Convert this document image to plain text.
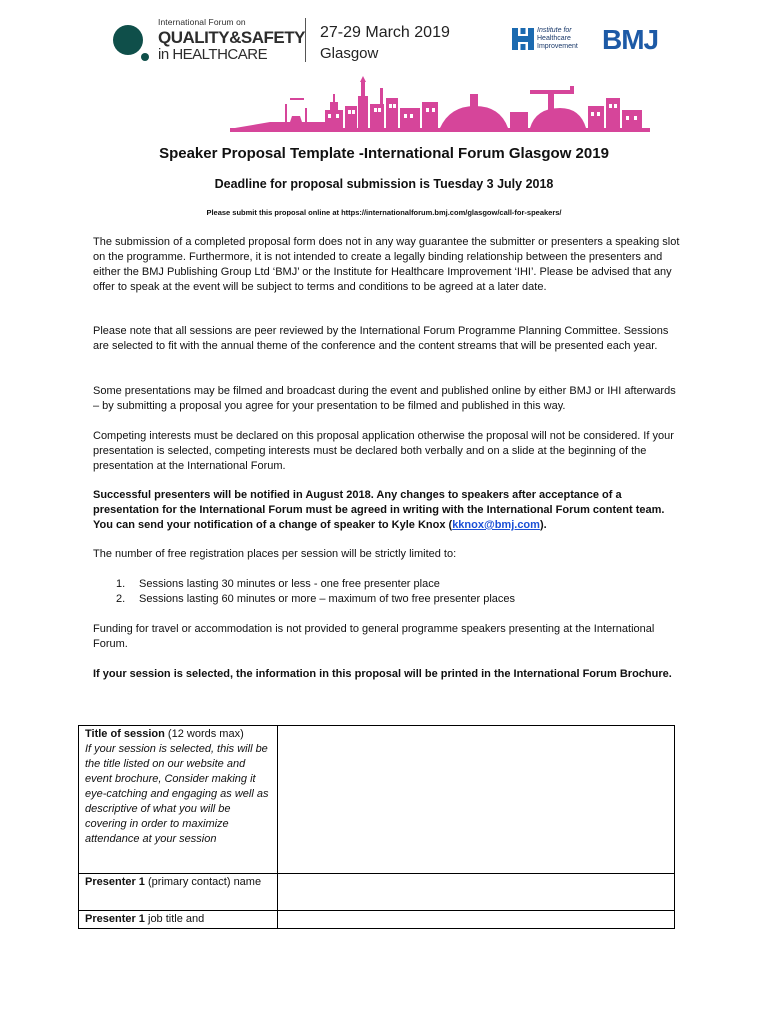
International Forum on
QUALITY&SAFETY
in HEALTHCARE
27-29 March 2019
Glasgow
Institute for
Healthcare
Improvement BMJ
Speaker Proposal Template -International Forum Glasgow 2019
Deadline for proposal submission is Tuesday 3 July 2018
Please submit this proposal online at https://internationalforum.bmj.com/glasgow/call-for-speakers/

The submission of a completed proposal form does not in any way guarantee the submitter or presenters a speaking slot on the programme. Furthermore, it is not intended to create a legally binding relationship between the presenters and either the BMJ Publishing Group Ltd ‘BMJ’ or the Institute for Healthcare Improvement ‘IHI’. Please be advised that any offer to speak at the event will be subject to terms and conditions to be agreed at a later date.

Please note that all sessions are peer reviewed by the International Forum Programme Planning Committee. Sessions are selected to fit with the annual theme of the conference and the content streams that will be presented each year.

Some presentations may be filmed and broadcast during the event and published online by either BMJ or IHI afterwards – by submitting a proposal you agree for your presentation to be filmed and published in this way.

Competing interests must be declared on this proposal application otherwise the proposal will not be considered. If your presentation is selected, competing interests must be declared both verbally and on a slide at the beginning of the presentation at the International Forum.

Successful presenters will be notified in August 2018. Any changes to speakers after acceptance of a presentation for the International Forum must be agreed in writing with the International Forum content team. You can send your notification of a change of speaker to Kyle Knox (kknox@bmj.com).

The number of free registration places per session will be strictly limited to:

1. Sessions lasting 30 minutes or less - one free presenter place
2. Sessions lasting 60 minutes or more – maximum of two free presenter places

Funding for travel or accommodation is not provided to general programme speakers presenting at the International Forum.

If your session is selected, the information in this proposal will be printed in the International Forum Brochure.

Title of session (12 words max)
If your session is selected, this will be the title listed on our website and event brochure, Consider making it eye-catching and engaging as well as descriptive of what you will be covering in order to maximize attendance at your session	

Presenter 1 (primary contact) name	
Presenter 1 job title and	
